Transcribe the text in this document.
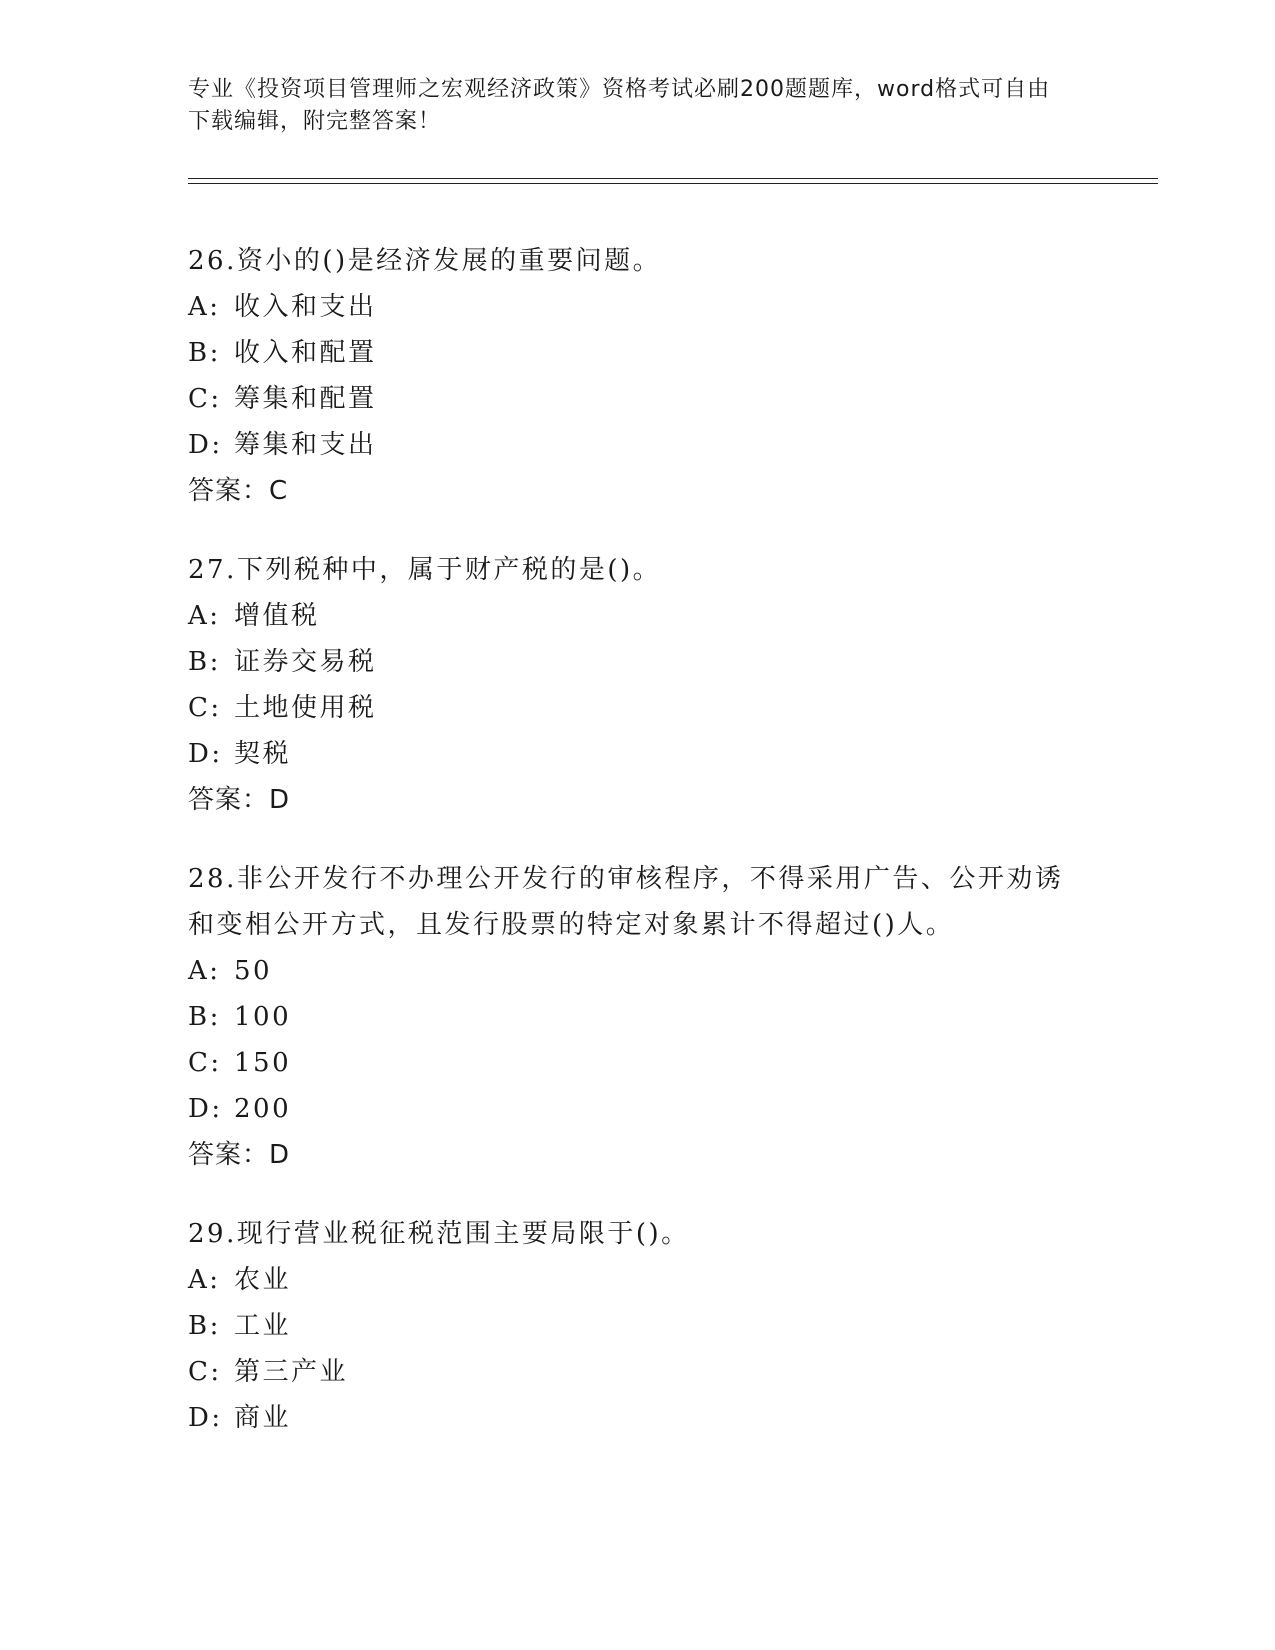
专业《投资项目管理师之宏观经济政策》资格考试必刷200题题库，word格式可自由下载编辑，附完整答案！

26.资小的()是经济发展的重要问题。

A: 收入和支出

B: 收入和配置

C: 筹集和配置

D: 筹集和支出

答案：C

27.下列税种中，属于财产税的是()。

A: 增值税

B: 证券交易税

C: 土地使用税

D: 契税

答案：D

28.非公开发行不办理公开发行的审核程序，不得采用广告、公开劝诱和变相公开方式，且发行股票的特定对象累计不得超过()人。

A: 50

B: 100

C: 150

D: 200

答案：D

29.现行营业税征税范围主要局限于()。

A: 农业

B: 工业

C: 第三产业

D: 商业
